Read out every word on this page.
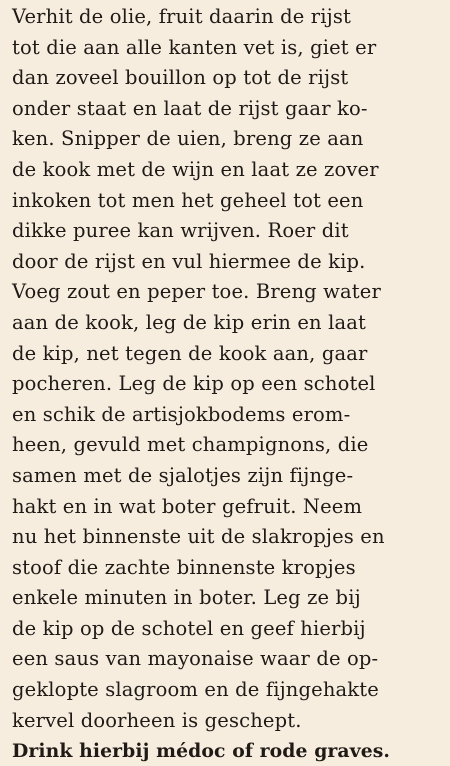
Verhit de olie, fruit daarin de rijst
tot die aan alle kanten vet is, giet er
dan zoveel bouillon op tot de rijst
onder staat en laat de rijst gaar ko-
ken. Snipper de uien, breng ze aan
de kook met de wijn en laat ze zover
inkoken tot men het geheel tot een
dikke puree kan wrijven. Roer dit
door de rijst en vul hiermee de kip.
Voeg zout en peper toe. Breng water
aan de kook, leg de kip erin en laat
de kip, net tegen de kook aan, gaar
pocheren. Leg de kip op een schotel
en schik de artisjokbodems erom-
heen, gevuld met champignons, die
samen met de sjalotjes zijn fijnge-
hakt en in wat boter gefruit. Neem
nu het binnenste uit de slakropjes en
stoof die zachte binnenste kropjes
enkele minuten in boter. Leg ze bij
de kip op de schotel en geef hierbij
een saus van mayonaise waar de op-
geklopte slagroom en de fijngehakte
kervel doorheen is geschept.

Drink hierbij médoc of rode graves.
